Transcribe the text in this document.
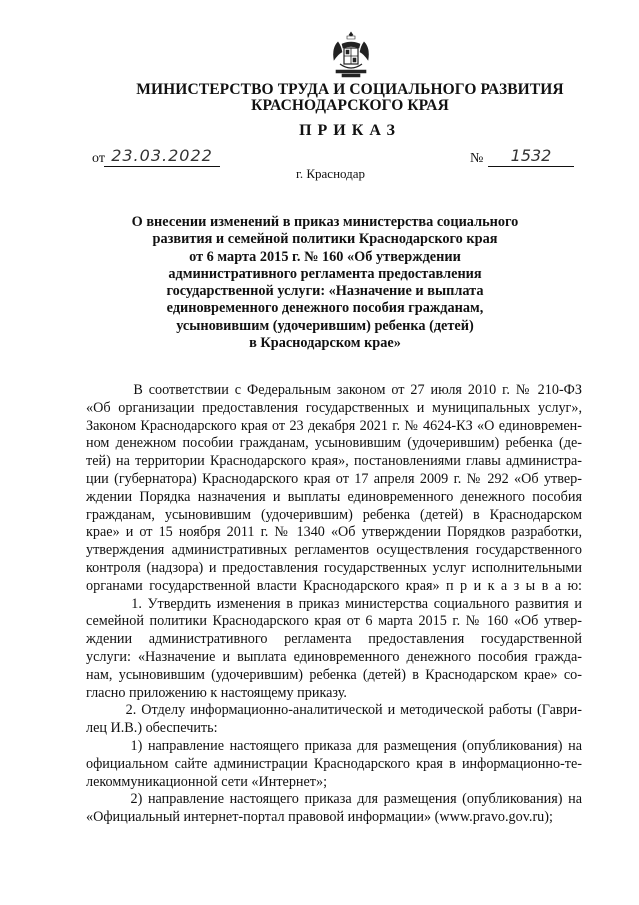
МИНИСТЕРСТВО ТРУДА И СОЦИАЛЬНОГО РАЗВИТИЯ
КРАСНОДАРСКОГО КРАЯ
ПРИКАЗ
от 23.03.2022	№	1532
г. Краснодар
О внесении изменений в приказ министерства социального
развития и семейной политики Краснодарского края
от 6 марта 2015 г. № 160 «Об утверждении
административного регламента предоставления
государственной услуги: «Назначение и выплата
единовременного денежного пособия гражданам,
усыновившим (удочерившим) ребенка (детей)
в Краснодарском крае»
В соответствии с Федеральным законом от 27 июля 2010 г. № 210-ФЗ
«Об организации предоставления государственных и муниципальных услуг»,
Законом Краснодарского края от 23 декабря 2021 г. № 4624-КЗ «О единовремен-
ном денежном пособии гражданам, усыновившим (удочерившим) ребенка (де-
тей) на территории Краснодарского края», постановлениями главы администра-
ции (губернатора) Краснодарского края от 17 апреля 2009 г. № 292 «Об утвер-
ждении Порядка назначения и выплаты единовременного денежного пособия
гражданам, усыновившим (удочерившим) ребенка (детей) в Краснодарском
крае» и от 15 ноября 2011 г. № 1340 «Об утверждении Порядков разработки,
утверждения административных регламентов осуществления государственного
контроля (надзора) и предоставления государственных услуг исполнительными
органами государственной власти Краснодарского края» п р и к а з ы в а ю:
1. Утвердить изменения в приказ министерства социального развития и
семейной политики Краснодарского края от 6 марта 2015 г. № 160 «Об утвер-
ждении административного регламента предоставления государственной
услуги: «Назначение и выплата единовременного денежного пособия гражда-
нам, усыновившим (удочерившим) ребенка (детей) в Краснодарском крае» со-
гласно приложению к настоящему приказу.
2. Отделу информационно-аналитической и методической работы (Гаври-
лец И.В.) обеспечить:
1) направление настоящего приказа для размещения (опубликования) на
официальном сайте администрации Краснодарского края в информационно-те-
лекоммуникационной сети «Интернет»;
2) направление настоящего приказа для размещения (опубликования) на
«Официальный интернет-портал правовой информации» (www.pravo.gov.ru);
